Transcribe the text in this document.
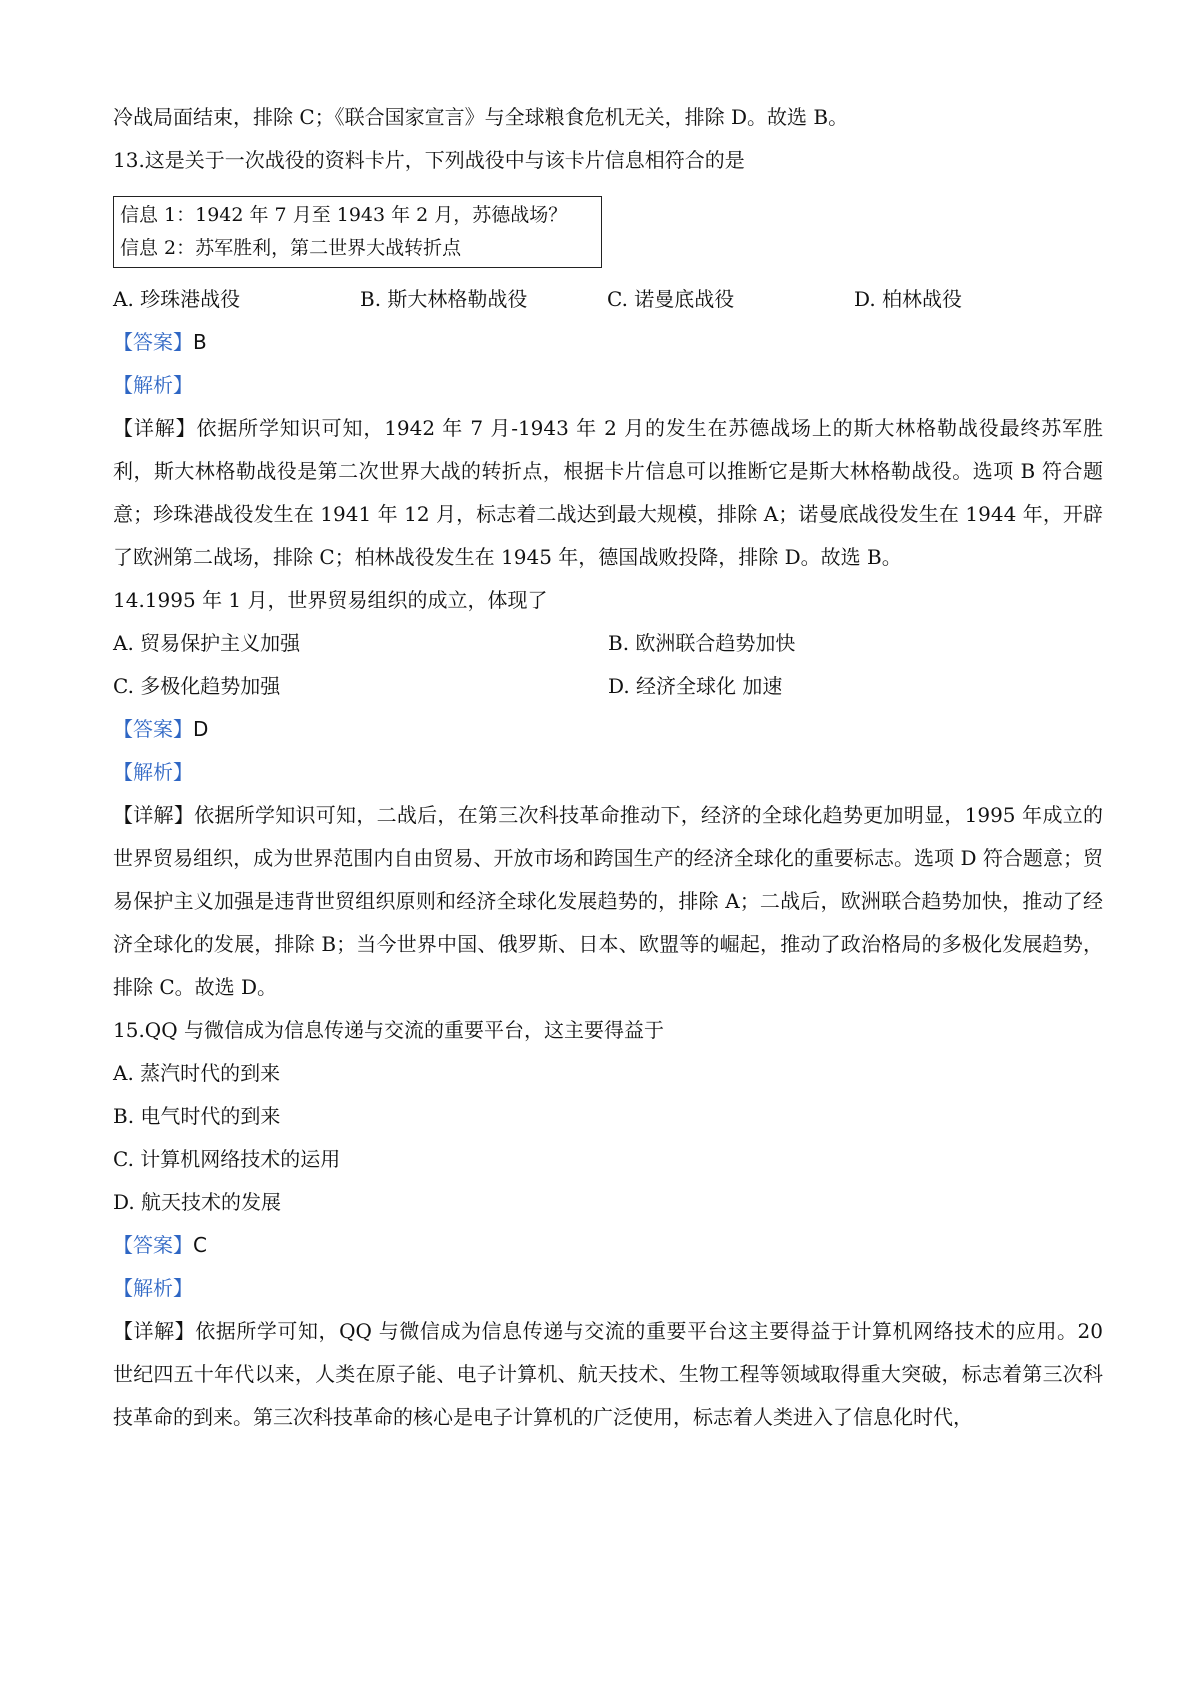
冷战局面结束，排除 C；《联合国家宣言》与全球粮食危机无关，排除 D。故选 B。

13.这是关于一次战役的资料卡片，下列战役中与该卡片信息相符合的是

信息 1：1942 年 7 月至 1943 年 2 月，苏德战场？

信息 2：苏军胜利，第二世界大战转折点

A. 珍珠港战役	B. 斯大林格勒战役	C. 诺曼底战役	D. 柏林战役

【答案】B

【解析】

【详解】依据所学知识可知，1942 年 7 月-1943 年 2 月的发生在苏德战场上的斯大林格勒战役最终苏军胜利，斯大林格勒战役是第二次世界大战的转折点，根据卡片信息可以推断它是斯大林格勒战役。选项 B 符合题意；珍珠港战役发生在 1941 年 12 月，标志着二战达到最大规模，排除 A；诺曼底战役发生在 1944 年，开辟了欧洲第二战场，排除 C；柏林战役发生在 1945 年，德国战败投降，排除 D。故选 B。

14.1995 年 1 月，世界贸易组织的成立，体现了

A. 贸易保护主义加强	B. 欧洲联合趋势加快

C. 多极化趋势加强	D. 经济全球化 加速

【答案】D

【解析】

【详解】依据所学知识可知，二战后，在第三次科技革命推动下，经济的全球化趋势更加明显，1995 年成立的世界贸易组织，成为世界范围内自由贸易、开放市场和跨国生产的经济全球化的重要标志。选项 D 符合题意；贸易保护主义加强是违背世贸组织原则和经济全球化发展趋势的，排除 A；二战后，欧洲联合趋势加快，推动了经济全球化的发展，排除 B；当今世界中国、俄罗斯、日本、欧盟等的崛起，推动了政治格局的多极化发展趋势，排除 C。故选 D。

15.QQ 与微信成为信息传递与交流的重要平台，这主要得益于

A. 蒸汽时代的到来

B. 电气时代的到来

C. 计算机网络技术的运用

D. 航天技术的发展

【答案】C

【解析】

【详解】依据所学可知，QQ 与微信成为信息传递与交流的重要平台这主要得益于计算机网络技术的应用。20 世纪四五十年代以来，人类在原子能、电子计算机、航天技术、生物工程等领域取得重大突破，标志着第三次科技革命的到来。第三次科技革命的核心是电子计算机的广泛使用，标志着人类进入了信息化时代，
